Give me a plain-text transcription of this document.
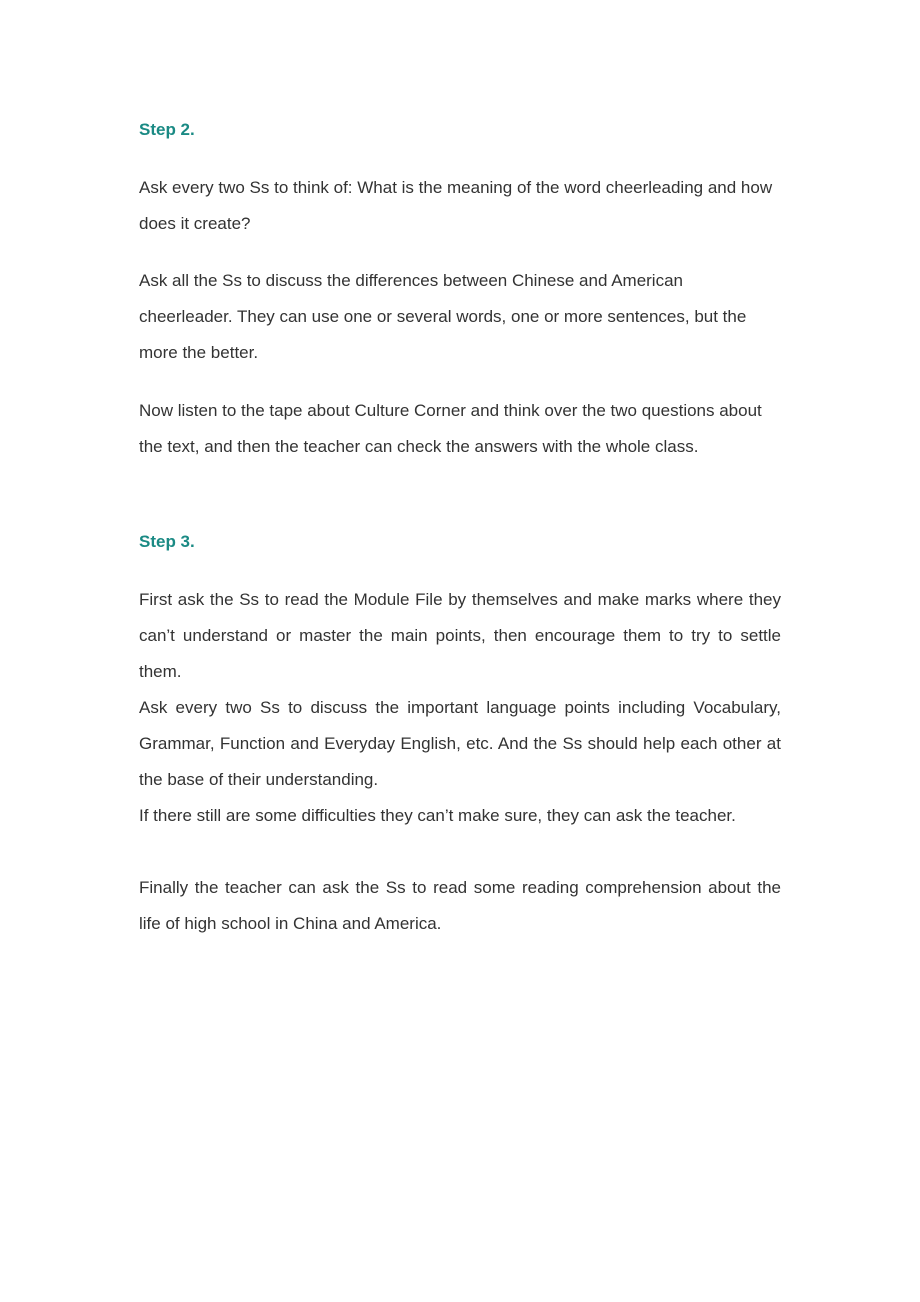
Step 2.

Ask every two Ss to think of: What is the meaning of the word cheerleading and how does it create?

Ask all the Ss to discuss the differences between Chinese and American cheerleader. They can use one or several words, one or more sentences, but the more the better.

Now listen to the tape about Culture Corner and think over the two questions about the text, and then the teacher can check the answers with the whole class.

Step 3.

First ask the Ss to read the Module File by themselves and make marks where they can’t understand or master the main points, then encourage them to try to settle them.

Ask every two Ss to discuss the important language points including Vocabulary, Grammar, Function and Everyday English, etc. And the Ss should help each other at the base of their understanding.

If there still are some difficulties they can’t make sure, they can ask the teacher.

Finally the teacher can ask the Ss to read some reading comprehension about the life of high school in China and America.
